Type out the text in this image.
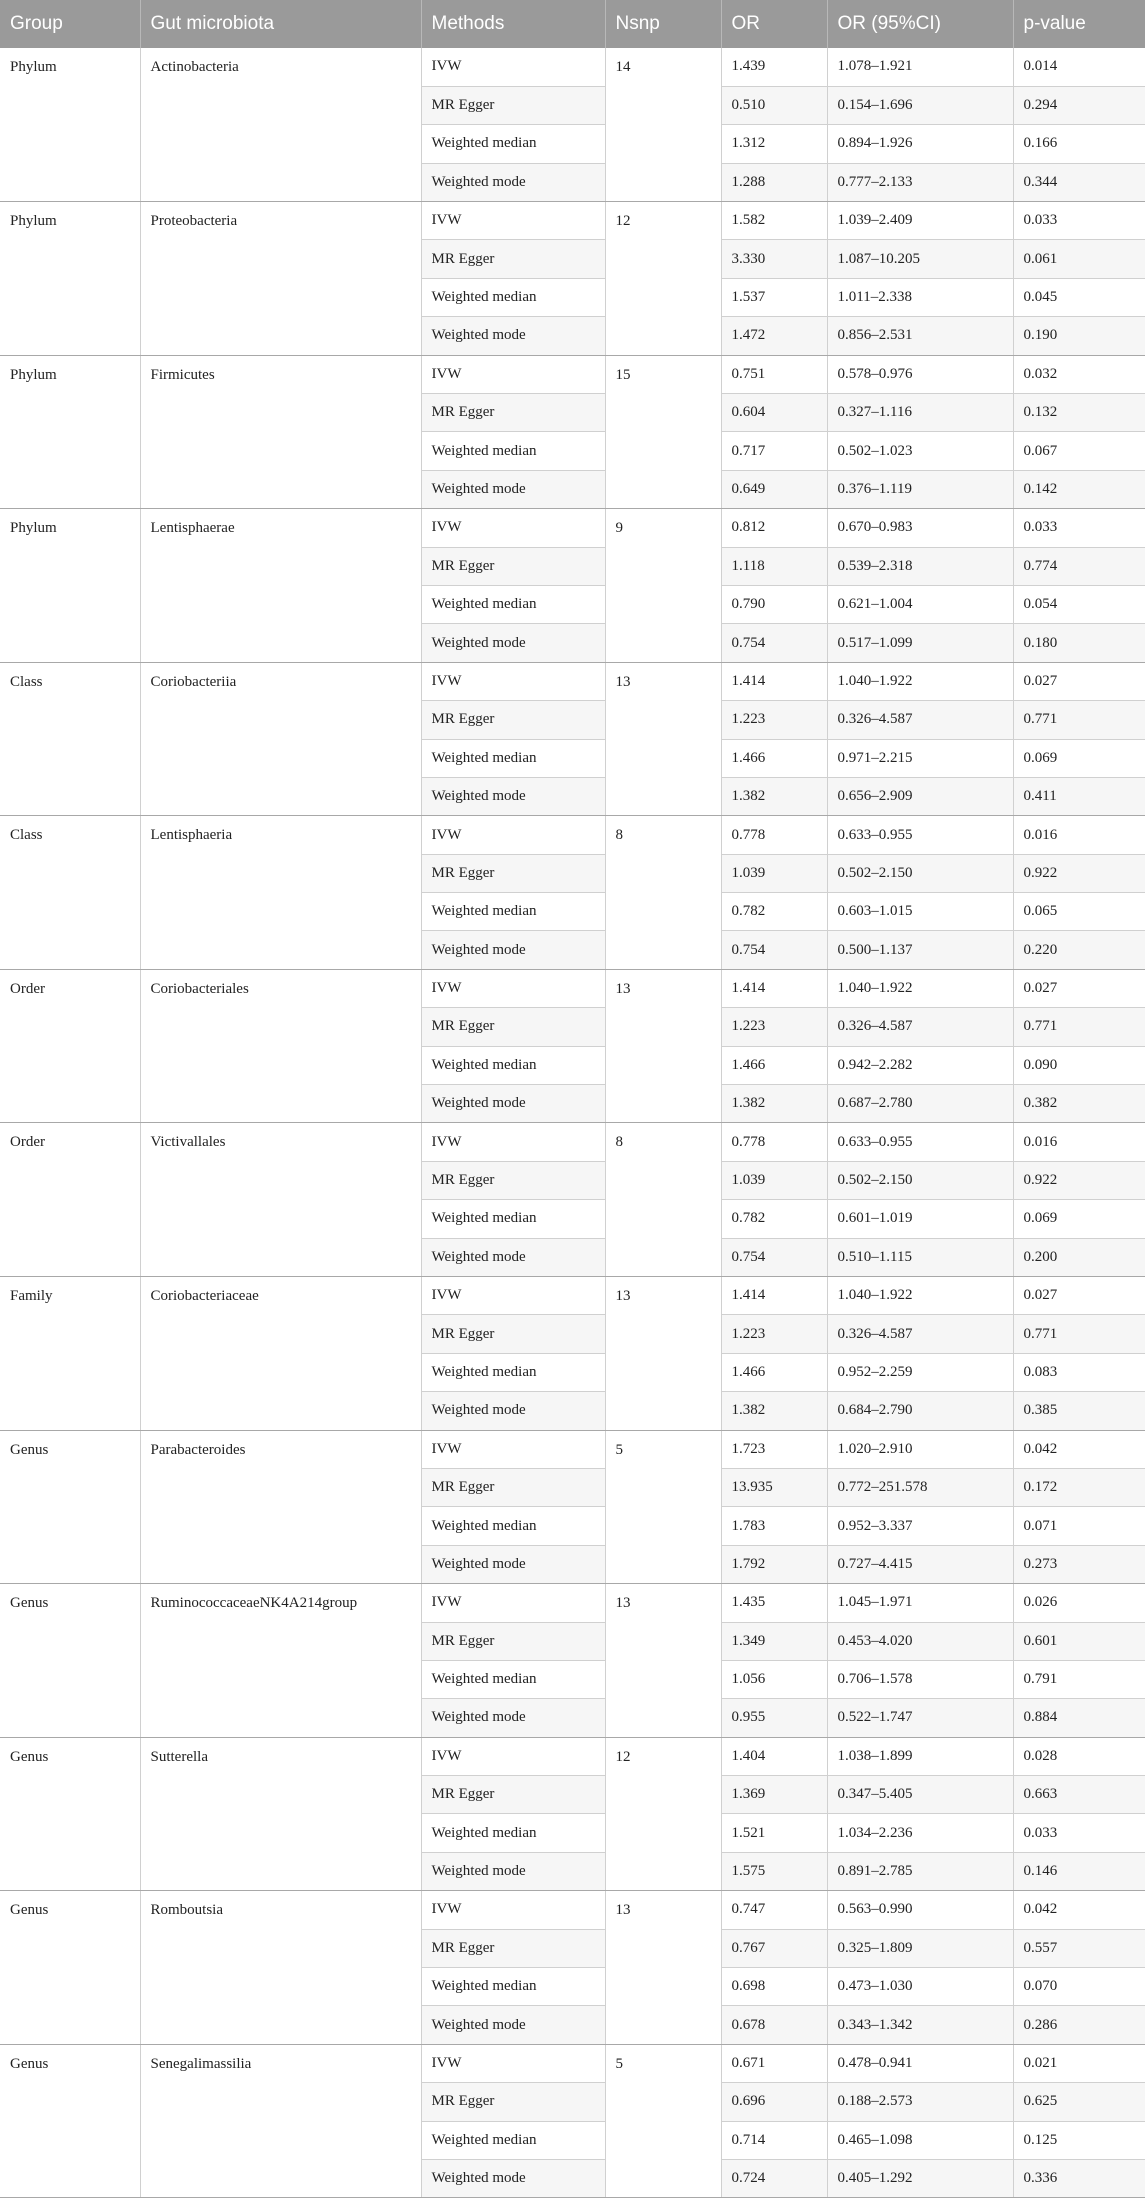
Group	Gut microbiota	Methods	Nsnp	OR	OR (95%CI)	p-value
Phylum	Actinobacteria	IVW	14	1.439	1.078–1.921	0.014
		MR Egger		0.510	0.154–1.696	0.294
		Weighted median		1.312	0.894–1.926	0.166
		Weighted mode		1.288	0.777–2.133	0.344
Phylum	Proteobacteria	IVW	12	1.582	1.039–2.409	0.033
		MR Egger		3.330	1.087–10.205	0.061
		Weighted median		1.537	1.011–2.338	0.045
		Weighted mode		1.472	0.856–2.531	0.190
Phylum	Firmicutes	IVW	15	0.751	0.578–0.976	0.032
		MR Egger		0.604	0.327–1.116	0.132
		Weighted median		0.717	0.502–1.023	0.067
		Weighted mode		0.649	0.376–1.119	0.142
Phylum	Lentisphaerae	IVW	9	0.812	0.670–0.983	0.033
		MR Egger		1.118	0.539–2.318	0.774
		Weighted median		0.790	0.621–1.004	0.054
		Weighted mode		0.754	0.517–1.099	0.180
Class	Coriobacteriia	IVW	13	1.414	1.040–1.922	0.027
		MR Egger		1.223	0.326–4.587	0.771
		Weighted median		1.466	0.971–2.215	0.069
		Weighted mode		1.382	0.656–2.909	0.411
Class	Lentisphaeria	IVW	8	0.778	0.633–0.955	0.016
		MR Egger		1.039	0.502–2.150	0.922
		Weighted median		0.782	0.603–1.015	0.065
		Weighted mode		0.754	0.500–1.137	0.220
Order	Coriobacteriales	IVW	13	1.414	1.040–1.922	0.027
		MR Egger		1.223	0.326–4.587	0.771
		Weighted median		1.466	0.942–2.282	0.090
		Weighted mode		1.382	0.687–2.780	0.382
Order	Victivallales	IVW	8	0.778	0.633–0.955	0.016
		MR Egger		1.039	0.502–2.150	0.922
		Weighted median		0.782	0.601–1.019	0.069
		Weighted mode		0.754	0.510–1.115	0.200
Family	Coriobacteriaceae	IVW	13	1.414	1.040–1.922	0.027
		MR Egger		1.223	0.326–4.587	0.771
		Weighted median		1.466	0.952–2.259	0.083
		Weighted mode		1.382	0.684–2.790	0.385
Genus	Parabacteroides	IVW	5	1.723	1.020–2.910	0.042
		MR Egger		13.935	0.772–251.578	0.172
		Weighted median		1.783	0.952–3.337	0.071
		Weighted mode		1.792	0.727–4.415	0.273
Genus	RuminococcaceaeNK4A214group	IVW	13	1.435	1.045–1.971	0.026
		MR Egger		1.349	0.453–4.020	0.601
		Weighted median		1.056	0.706–1.578	0.791
		Weighted mode		0.955	0.522–1.747	0.884
Genus	Sutterella	IVW	12	1.404	1.038–1.899	0.028
		MR Egger		1.369	0.347–5.405	0.663
		Weighted median		1.521	1.034–2.236	0.033
		Weighted mode		1.575	0.891–2.785	0.146
Genus	Romboutsia	IVW	13	0.747	0.563–0.990	0.042
		MR Egger		0.767	0.325–1.809	0.557
		Weighted median		0.698	0.473–1.030	0.070
		Weighted mode		0.678	0.343–1.342	0.286
Genus	Senegalimassilia	IVW	5	0.671	0.478–0.941	0.021
		MR Egger		0.696	0.188–2.573	0.625
		Weighted median		0.714	0.465–1.098	0.125
		Weighted mode		0.724	0.405–1.292	0.336
